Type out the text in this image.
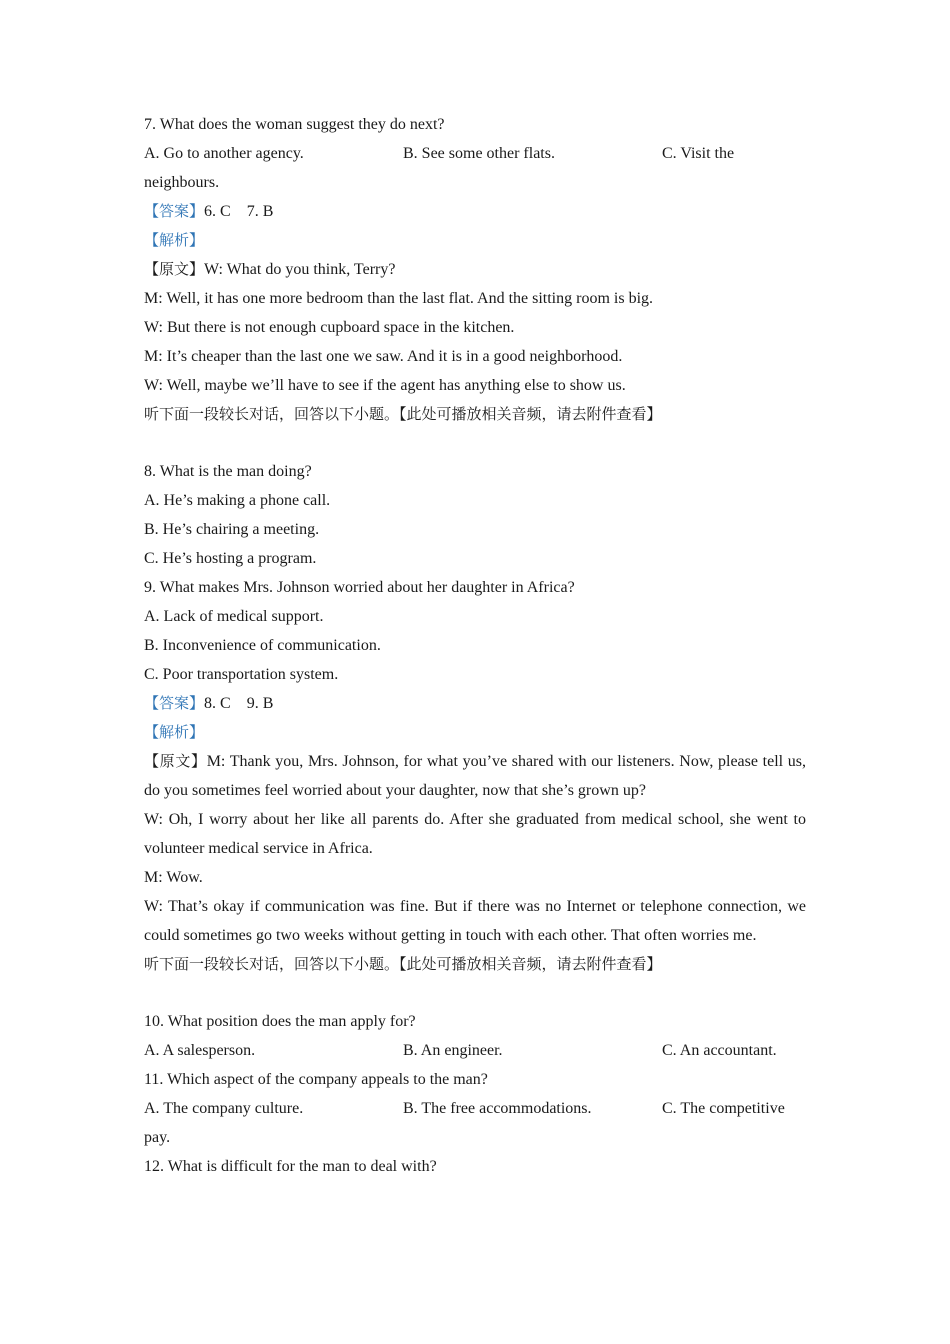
7. What does the woman suggest they do next?
A. Go to another agency.	B. See some other flats.	C. Visit the
neighbours.
【答案】6. C    7. B
【解析】
【原文】W: What do you think, Terry?
M: Well, it has one more bedroom than the last flat. And the sitting room is big.
W: But there is not enough cupboard space in the kitchen.
M: It’s cheaper than the last one we saw. And it is in a good neighborhood.
W: Well, maybe we’ll have to see if the agent has anything else to show us.
听下面一段较长对话，回答以下小题。【此处可播放相关音频，请去附件查看】
8. What is the man doing?
A. He’s making a phone call.
B. He’s chairing a meeting.
C. He’s hosting a program.
9. What makes Mrs. Johnson worried about her daughter in Africa?
A. Lack of medical support.
B. Inconvenience of communication.
C. Poor transportation system.
【答案】8. C    9. B
【解析】
【原文】M: Thank you, Mrs. Johnson, for what you’ve shared with our listeners. Now, please tell us, do you sometimes feel worried about your daughter, now that she’s grown up?
W: Oh, I worry about her like all parents do. After she graduated from medical school, she went to volunteer medical service in Africa.
M: Wow.
W: That’s okay if communication was fine. But if there was no Internet or telephone connection, we could sometimes go two weeks without getting in touch with each other. That often worries me.
听下面一段较长对话，回答以下小题。【此处可播放相关音频，请去附件查看】
10. What position does the man apply for?
A. A salesperson.	B. An engineer.	C. An accountant.
11. Which aspect of the company appeals to the man?
A. The company culture.	B. The free accommodations.	C. The competitive
pay.
12. What is difficult for the man to deal with?
